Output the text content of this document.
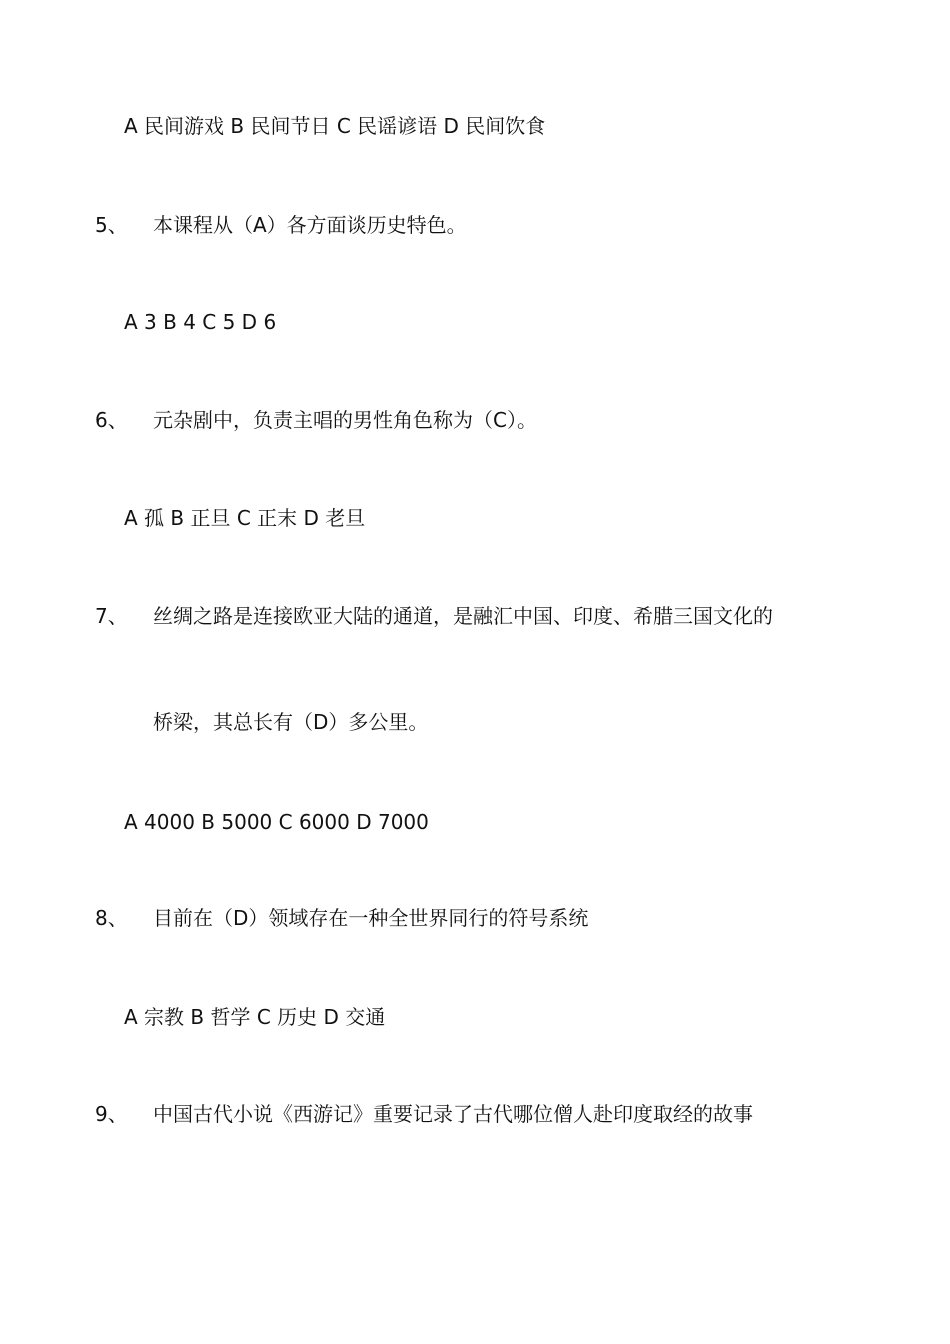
A 民间游戏 B 民间节日 C 民谣谚语 D 民间饮食
5、 本课程从（A）各方面谈历史特色。
A 3 B 4 C 5 D 6
6、 元杂剧中，负责主唱的男性角色称为（C）。
A 孤 B 正旦 C 正末 D 老旦
7、 丝绸之路是连接欧亚大陆的通道，是融汇中国、印度、希腊三国文化的
桥梁，其总长有（D）多公里。
A 4000 B 5000 C 6000 D 7000
8、 目前在（D）领域存在一种全世界同行的符号系统
A 宗教 B 哲学 C 历史 D 交通
9、 中国古代小说《西游记》重要记录了古代哪位僧人赴印度取经的故事
